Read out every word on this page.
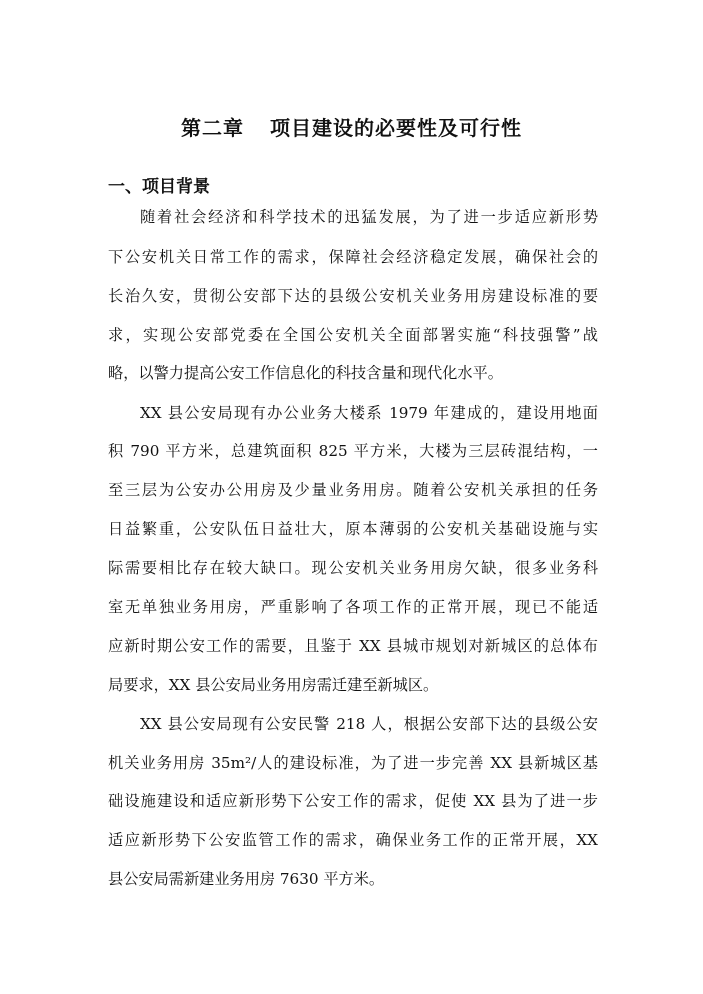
第二章 项目建设的必要性及可行性
一、项目背景
随着社会经济和科学技术的迅猛发展，为了进一步适应新形势
下公安机关日常工作的需求，保障社会经济稳定发展，确保社会的
长治久安，贯彻公安部下达的县级公安机关业务用房建设标准的要
求，实现公安部党委在全国公安机关全面部署实施“科技强警”战
略，以警力提高公安工作信息化的科技含量和现代化水平。
XX 县公安局现有办公业务大楼系 1979 年建成的，建设用地面
积 790 平方米，总建筑面积 825 平方米，大楼为三层砖混结构，一
至三层为公安办公用房及少量业务用房。随着公安机关承担的任务
日益繁重，公安队伍日益壮大，原本薄弱的公安机关基础设施与实
际需要相比存在较大缺口。现公安机关业务用房欠缺，很多业务科
室无单独业务用房，严重影响了各项工作的正常开展，现已不能适
应新时期公安工作的需要，且鉴于 XX 县城市规划对新城区的总体布
局要求，XX 县公安局业务用房需迁建至新城区。
XX 县公安局现有公安民警 218 人，根据公安部下达的县级公安
机关业务用房 35m²/人的建设标准，为了进一步完善 XX 县新城区基
础设施建设和适应新形势下公安工作的需求，促使 XX 县为了进一步
适应新形势下公安监管工作的需求，确保业务工作的正常开展，XX
县公安局需新建业务用房 7630 平方米。
